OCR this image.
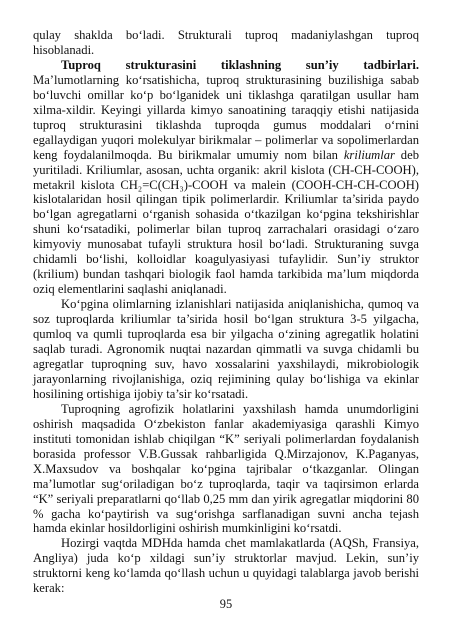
qulay shaklda bo‘ladi. Strukturali tuproq madaniylashgan tuproq hisoblanadi.

Tuproq strukturasini tiklashning sun’iy tadbirlari. Ma’lumotlarning ko‘rsatishicha, tuproq strukturasining buzilishiga sabab bo‘luvchi omillar ko‘p bo‘lganidek uni tiklashga qaratilgan usullar ham xilma-xildir. Keyingi yillarda kimyo sanoatining taraqqiy etishi natijasida tuproq strukturasini tiklashda tuproqda gumus moddalari o‘rnini egallaydigan yuqori molekulyar birikmalar – polimerlar va sopolimerlardan keng foydalanilmoqda. Bu birikmalar umumiy nom bilan kriliumlar deb yuritiladi. Kriliumlar, asosan, uchta organik: akril kislota (CH-CH-COOH), metakril kislota CH₂=C(CH₃)-COOH va malein (COOH-CH-CH-COOH) kislotalaridan hosil qilingan tipik polimerlardir. Kriliumlar ta’sirida paydo bo‘lgan agregatlarni o‘rganish sohasida o‘tkazilgan ko‘pgina tekshirishlar shuni ko‘rsatadiki, polimerlar bilan tuproq zarrachalari orasidagi o‘zaro kimyoviy munosabat tufayli struktura hosil bo‘ladi. Strukturaning suvga chidamli bo‘lishi, kolloidlar koagulyasiyasi tufaylidir. Sun’iy struktor (krilium) bundan tashqari biologik faol hamda tarkibida ma’lum miqdorda oziq elementlarini saqlashi aniqlanadi.

Ko‘pgina olimlarning izlanishlari natijasida aniqlanishicha, qumoq va soz tuproqlarda kriliumlar ta’sirida hosil bo‘lgan struktura 3-5 yilgacha, qumloq va qumli tuproqlarda esa bir yilgacha o‘zining agregatlik holatini saqlab turadi. Agronomik nuqtai nazardan qimmatli va suvga chidamli bu agregatlar tuproqning suv, havo xossalarini yaxshilaydi, mikrobiologik jarayonlarning rivojlanishiga, oziq rejimining qulay bo‘lishiga va ekinlar hosilining ortishiga ijobiy ta’sir ko‘rsatadi.

Tuproqning agrofizik holatlarini yaxshilash hamda unumdorligini oshirish maqsadida O‘zbekiston fanlar akademiyasiga qarashli Kimyo instituti tomonidan ishlab chiqilgan “K” seriyali polimerlardan foydalanish borasida professor V.B.Gussak rahbarligida Q.Mirzajonov, K.Paganyas, X.Maxsudov va boshqalar ko‘pgina tajribalar o‘tkazganlar. Olingan ma’lumotlar sug‘oriladigan bo‘z tuproqlarda, taqir va taqirsimon erlarda “K” seriyali preparatlarni qo‘llab 0,25 mm dan yirik agregatlar miqdorini 80 % gacha ko‘paytirish va sug‘orishga sarflanadigan suvni ancha tejash hamda ekinlar hosildorligini oshirish mumkinligini ko‘rsatdi.

Hozirgi vaqtda MDHda hamda chet mamlakatlarda (AQSh, Fransiya, Angliya) juda ko‘p xildagi sun’iy struktorlar mavjud. Lekin, sun’iy struktorni keng ko‘lamda qo‘llash uchun u quyidagi talablarga javob berishi kerak:

95
